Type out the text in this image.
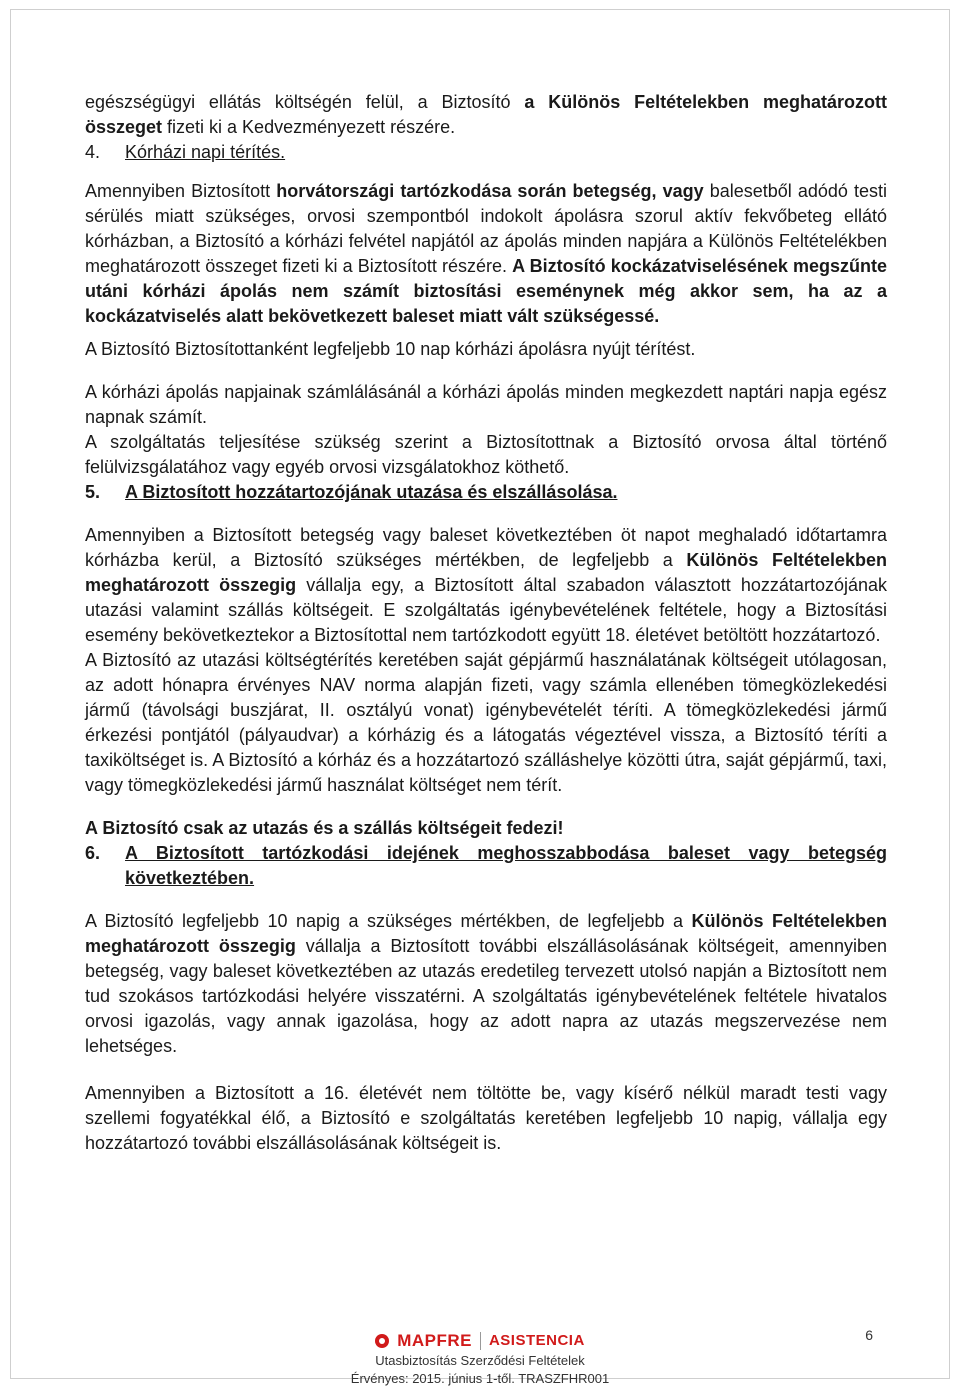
egészségügyi ellátás költségén felül, a Biztosító a Különös Feltételekben meghatározott összeget fizeti ki a Kedvezményezett részére.

4.	Kórházi napi térítés.

Amennyiben Biztosított horvátországi tartózkodása során betegség, vagy balesetből adódó testi sérülés miatt szükséges, orvosi szempontból indokolt ápolásra szorul aktív fekvőbeteg ellátó kórházban, a Biztosító a kórházi felvétel napjától az ápolás minden napjára a Különös Feltételékben meghatározott összeget fizeti ki a Biztosított részére. A Biztosító kockázatviselésének megszűnte utáni kórházi ápolás nem számít biztosítási eseménynek még akkor sem, ha az a kockázatviselés alatt bekövetkezett baleset miatt vált szükségessé.

A Biztosító Biztosítottanként legfeljebb 10 nap kórházi ápolásra nyújt térítést.

A kórházi ápolás napjainak számlálásánál a kórházi ápolás minden megkezdett naptári napja egész napnak számít.

A szolgáltatás teljesítése szükség szerint a Biztosítottnak a Biztosító orvosa által történő felülvizsgálatához vagy egyéb orvosi vizsgálatokhoz köthető.

5.	A Biztosított hozzátartozójának utazása és elszállásolása.

Amennyiben a Biztosított betegség vagy baleset következtében öt napot meghaladó időtartamra kórházba kerül, a Biztosító szükséges mértékben, de legfeljebb a Különös Feltételekben meghatározott összegig vállalja egy, a Biztosított által szabadon választott hozzátartozójának utazási valamint szállás költségeit. E szolgáltatás igénybevételének feltétele, hogy a Biztosítási esemény bekövetkeztekor a Biztosítottal nem tartózkodott együtt 18. életévet betöltött hozzátartozó.

A Biztosító az utazási költségtérítés keretében saját gépjármű használatának költségeit utólagosan, az adott hónapra érvényes NAV norma alapján fizeti, vagy számla ellenében tömegközlekedési jármű (távolsági buszjárat, II. osztályú vonat) igénybevételét téríti. A tömegközlekedési jármű érkezési pontjától (pályaudvar) a kórházig és a látogatás végeztével vissza, a Biztosító téríti a taxiköltséget is. A Biztosító a kórház és a hozzátartozó szálláshelye közötti útra, saját gépjármű, taxi, vagy tömegközlekedési jármű használat költséget nem térít.

A Biztosító csak az utazás és a szállás költségeit fedezi!

6.	A Biztosított tartózkodási idejének meghosszabbodása baleset vagy betegség következtében.

A Biztosító legfeljebb 10 napig a szükséges mértékben, de legfeljebb a Különös Feltételekben meghatározott összegig vállalja a Biztosított további elszállásolásának költségeit, amennyiben betegség, vagy baleset következtében az utazás eredetileg tervezett utolsó napján a Biztosított nem tud szokásos tartózkodási helyére visszatérni. A szolgáltatás igénybevételének feltétele hivatalos orvosi igazolás, vagy annak igazolása, hogy az adott napra az utazás megszervezése nem lehetséges.

Amennyiben a Biztosított a 16. életévét nem töltötte be, vagy kísérő nélkül maradt testi vagy szellemi fogyatékkal élő, a Biztosító e szolgáltatás keretében legfeljebb 10 napig, vállalja egy hozzátartozó további elszállásolásának költségeit is.

6
MAPFRE ASISTENCIA
Utasbiztosítás Szerződési Feltételek
Érvényes: 2015. június 1-től. TRASZFHR001
